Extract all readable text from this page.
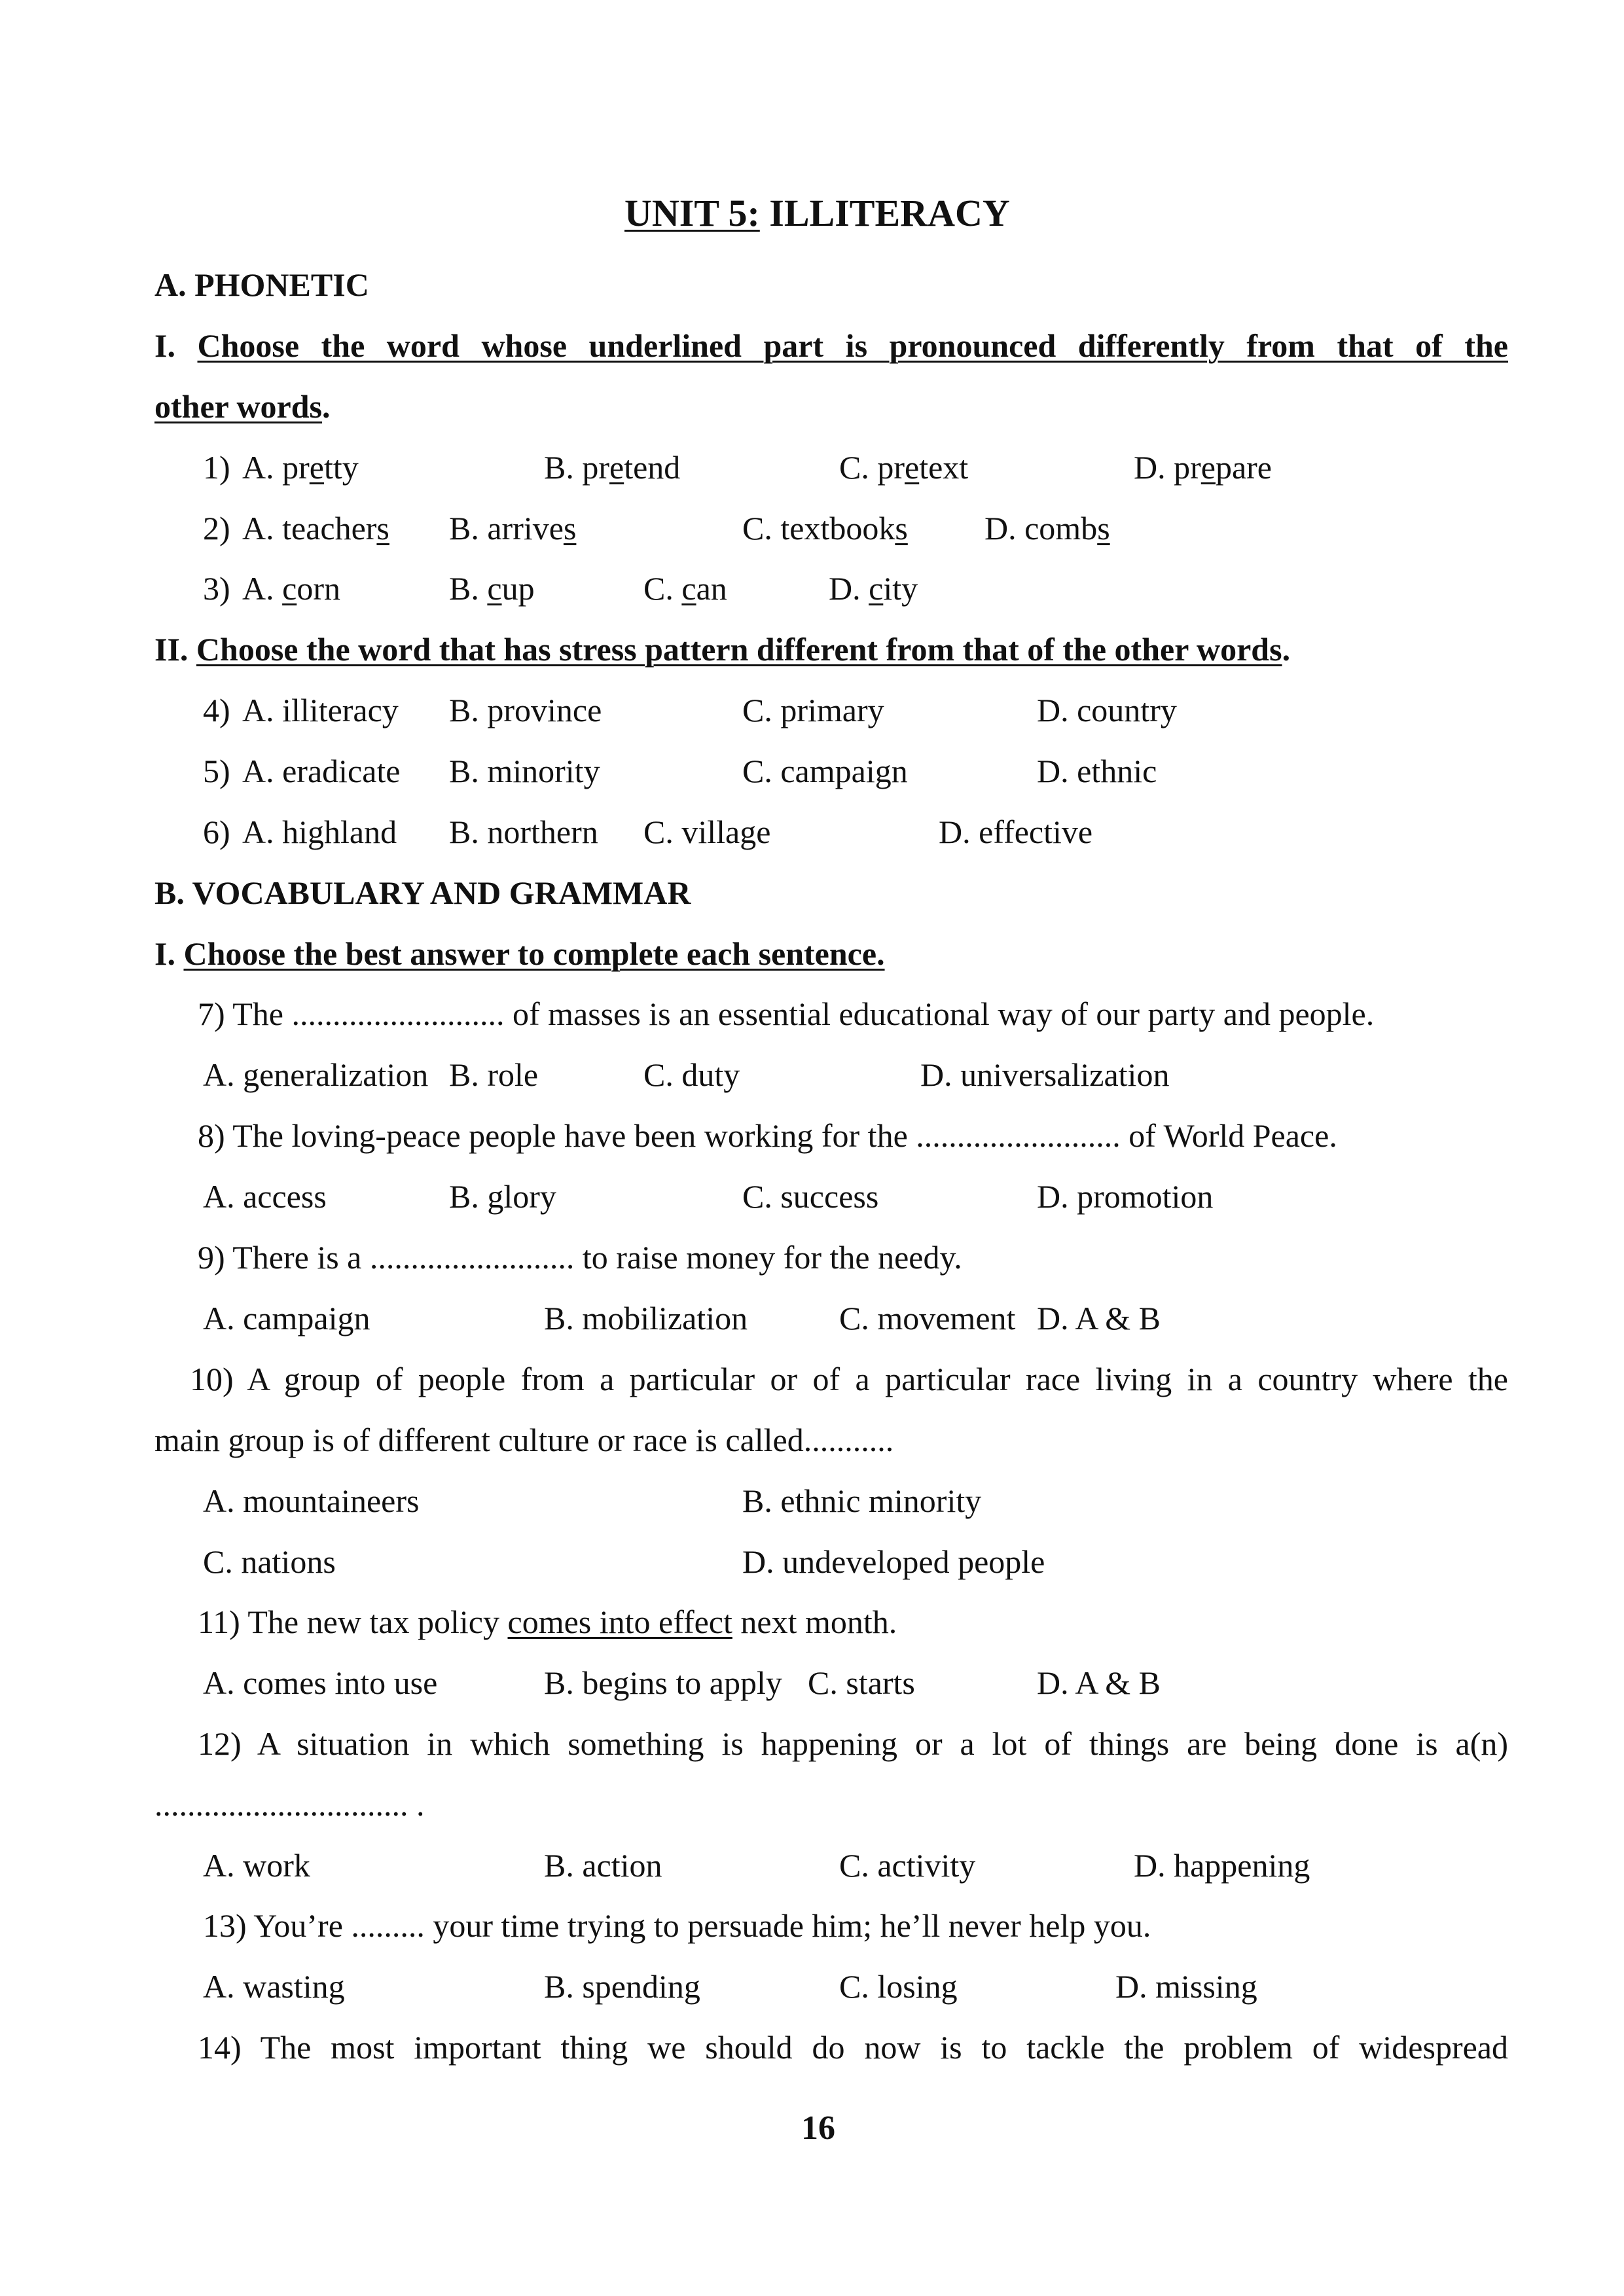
UNIT 5: ILLITERACY
A. PHONETIC
I. Choose the word whose underlined part is pronounced differently from that of the
other words.
1) A. pretty	B. pretend	C. pretext	D. prepare
2) A. teachers B. arrives	C. textbooks D. combs
3) A. corn	B. cup	C. can	D. city
II. Choose the word that has stress pattern different from that of the other words.
4) A. illiteracy B. province	C. primary	D. country
5) A. eradicate B. minority	C. campaign	D. ethnic
6) A. highland B. northern C. village	D. effective
B. VOCABULARY AND GRAMMAR
I. Choose the best answer to complete each sentence.
7) The .......................... of masses is an essential educational way of our party and people.
A. generalization B. role	C. duty	D. universalization
8) The loving-peace people have been working for the ......................... of World Peace.
A. access	B. glory	C. success	D. promotion
9) There is a ......................... to raise money for the needy.
A. campaign	B. mobilization	C. movement D. A & B
10) A group of people from a particular or of a particular race living in a country where the
main group is of different culture or race is called...........
A. mountaineers	B. ethnic minority
C. nations	D. undeveloped people
11) The new tax policy comes into effect next month.
A. comes into use	B. begins to apply C. starts	D. A & B
12) A situation in which something is happening or a lot of things are being done is a(n)
............................... .
A. work	B. action	C. activity	D. happening
13) You’re ......... your time trying to persuade him; he’ll never help you.
A. wasting	B. spending	C. losing	D. missing
14) The most important thing we should do now is to tackle the problem of widespread
16
